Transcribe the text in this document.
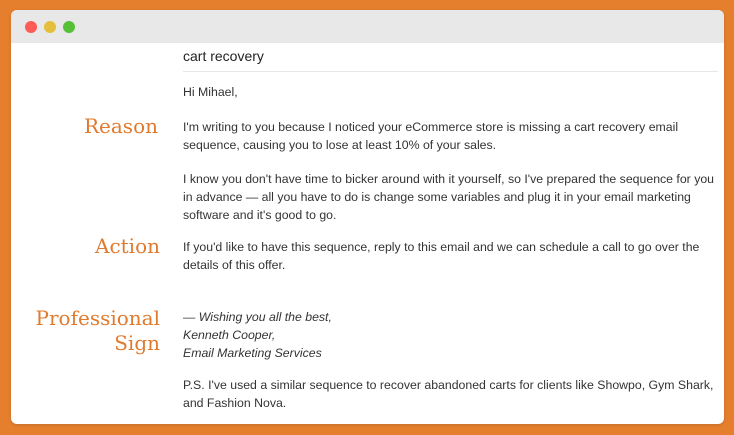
cart recovery
Hi Mihael,
I'm writing to you because I noticed your eCommerce store is missing a cart recovery email sequence, causing you to lose at least 10% of your sales.
I know you don't have time to bicker around with it yourself, so I've prepared the sequence for you in advance — all you have to do is change some variables and plug it in your email marketing software and it's good to go.
If you'd like to have this sequence, reply to this email and we can schedule a call to go over the details of this offer.
— Wishing you all the best,
Kenneth Cooper,
Email Marketing Services
P.S. I've used a similar sequence to recover abandoned carts for clients like Showpo, Gym Shark, and Fashion Nova.
Reason
Action
Professional
Sign
